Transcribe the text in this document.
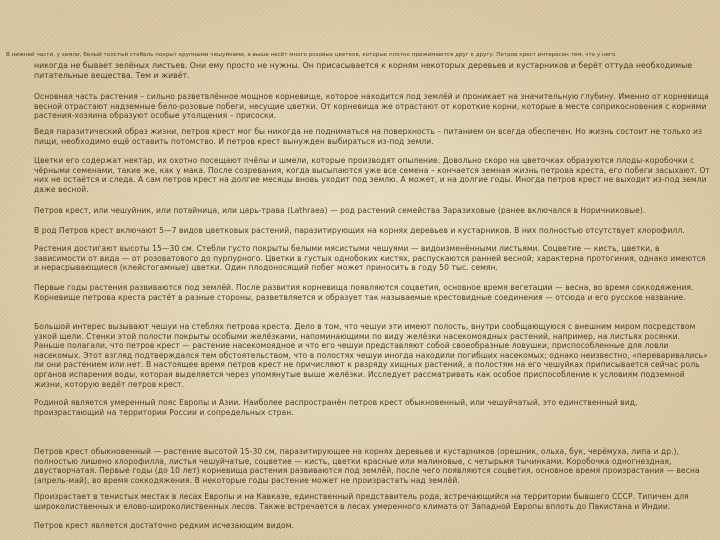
В нижней части, у земли, белый толстый стебель покрыт крупными чешуйками, а выше несёт много розовых цветков, которые плотно прижимаются друг к другу. Петров крест интересен тем, что у него

никогда не бывает зелёных листьев. Они ему просто не нужны. Он присасывается к корням некоторых деревьев и кустарников и берёт оттуда необходимые питательные вещества. Тем и живёт.

Основная часть растения – сильно разветвлённое мощное корневище, которое находится под землёй и проникает на значительную глубину. Именно от корневища весной отрастают надземные бело-розовые побеги, несущие цветки. От корневища же отрастают от короткие корни, которые в месте соприкосновения с корнями растения-хозяина образуют особые утолщения – присоски.

Ведя паразитический образ жизни, петров крест мог бы никогда не подниматься на поверхность – питанием он всегда обеспечен. Но жизнь состоит не только из пищи, необходимо ещё оставить потомство. И петров крест вынужден выбираться из-под земли.

Цветки его содержат нектар, их охотно посещают пчёлы и шмели, которые производят опыление. Довольно скоро на цветочках образуются плоды-коробочки с чёрными семенами, такие же, как у мака. После созревания, когда высыпаются уже все семена – кончается земная жизнь петрова креста, его побеги засыхают. От них не остаётся и следа. А сам петров крест на долгие месяцы вновь уходит под землю. А может, и на долгие годы. Иногда петров крест не выходит из-под земли даже весной.

Петров крест, или чешуйник, или потайница, или царь-трава (Lathraea) — род растений семейства Заразиховые (ранее включался в Норичниковые).

В род Петров крест включают 5—7 видов цветковых растений, паразитирующих на корнях деревьев и кустарников. В них полностью отсутствует хлорофилл.

Растения достигают высоты 15—30 см. Стебли густо покрыты белыми мясистыми чешуями — видоизменёнными листьями. Соцветие — кисть, цветки, в зависимости от вида — от розоватового до пурпурного. Цветки в густых однобоких кистях, распускаются ранней весной; характерна протогиния, однако имеются и нерасрывающиеся (клейстогамные) цветки. Один плодоносящий побег может приносить в году 50 тыс. семян.

Первые годы растения развиваются под землёй. После развития корневища появляются соцветия, основное время вегетации — весна, во время соккодяжения. Корневище петрова креста растёт в разные стороны, разветвляется и образует так называемые крестовидные соединения — отсюда и его русское название.

Большой интерес вызывают чешуи на стеблях петрова креста. Дело в том, что чешуи эти имеют полость, внутри сообщающуюся с внешним миром посредством узкой щели. Стенки этой полости покрыты особыми желёзками, напоминающими по виду желёзки насекомоядных растений, например, на листьях росянки. Раньше полагали, что петров крест — растение насекомоядное и что его чешуи представляют собой своеобразные ловушки, приспособленные для ловли насекомых. Этот взгляд подтверждался тем обстоятельством, что в полостях чешуи иногда находили погибших насекомых; однако неизвестно, «переваривались» ли они растением или нет. В настоящее время петров крест не причисляют к разряду хищных растений, а полостям на его чешуйках приписывается сейчас роль органов испарения воды, которая выделяется через упомянутые выше желёзки. Исследует рассматривать как особое приспособление к условиям подземной жизни, которую ведёт петров крест.

Родиной является умеренный пояс Европы и Азии. Наиболее распространён петров крест обыкновенный, или чешуйчатый, это единственный вид, произрастающий на территории России и сопредельных стран.

Петров крест обыкновенный — растение высотой 15-30 см, паразитирующее на корнях деревьев и кустарников (орешник, ольха, бук, черёмуха, липа и др.), полностью лишено хлорофилла, листья чешуйчатые, соцветие — кисть, цветки красные или малиновые, с четырьмя тычинками. Коробочка одногнездная, двустворчатая. Первые годы (до 10 лет) корневища растения развиваются под землёй, после чего появляются соцветия, основное время произрастания — весна (апрель-май), во время соккодяжения. В некоторые годы растение может не произрастать над землёй.

Произрастает в тенистых местах в лесах Европы и на Кавказе, единственный представитель рода, встречающийся на территории бывшего СССР. Типичен для широколиственных и елово-широколиственных лесов. Также встречается в лесах умеренного климата от Западной Европы вплоть до Пакистана и Индии.

Петров крест является достаточно редким исчезающим видом.
